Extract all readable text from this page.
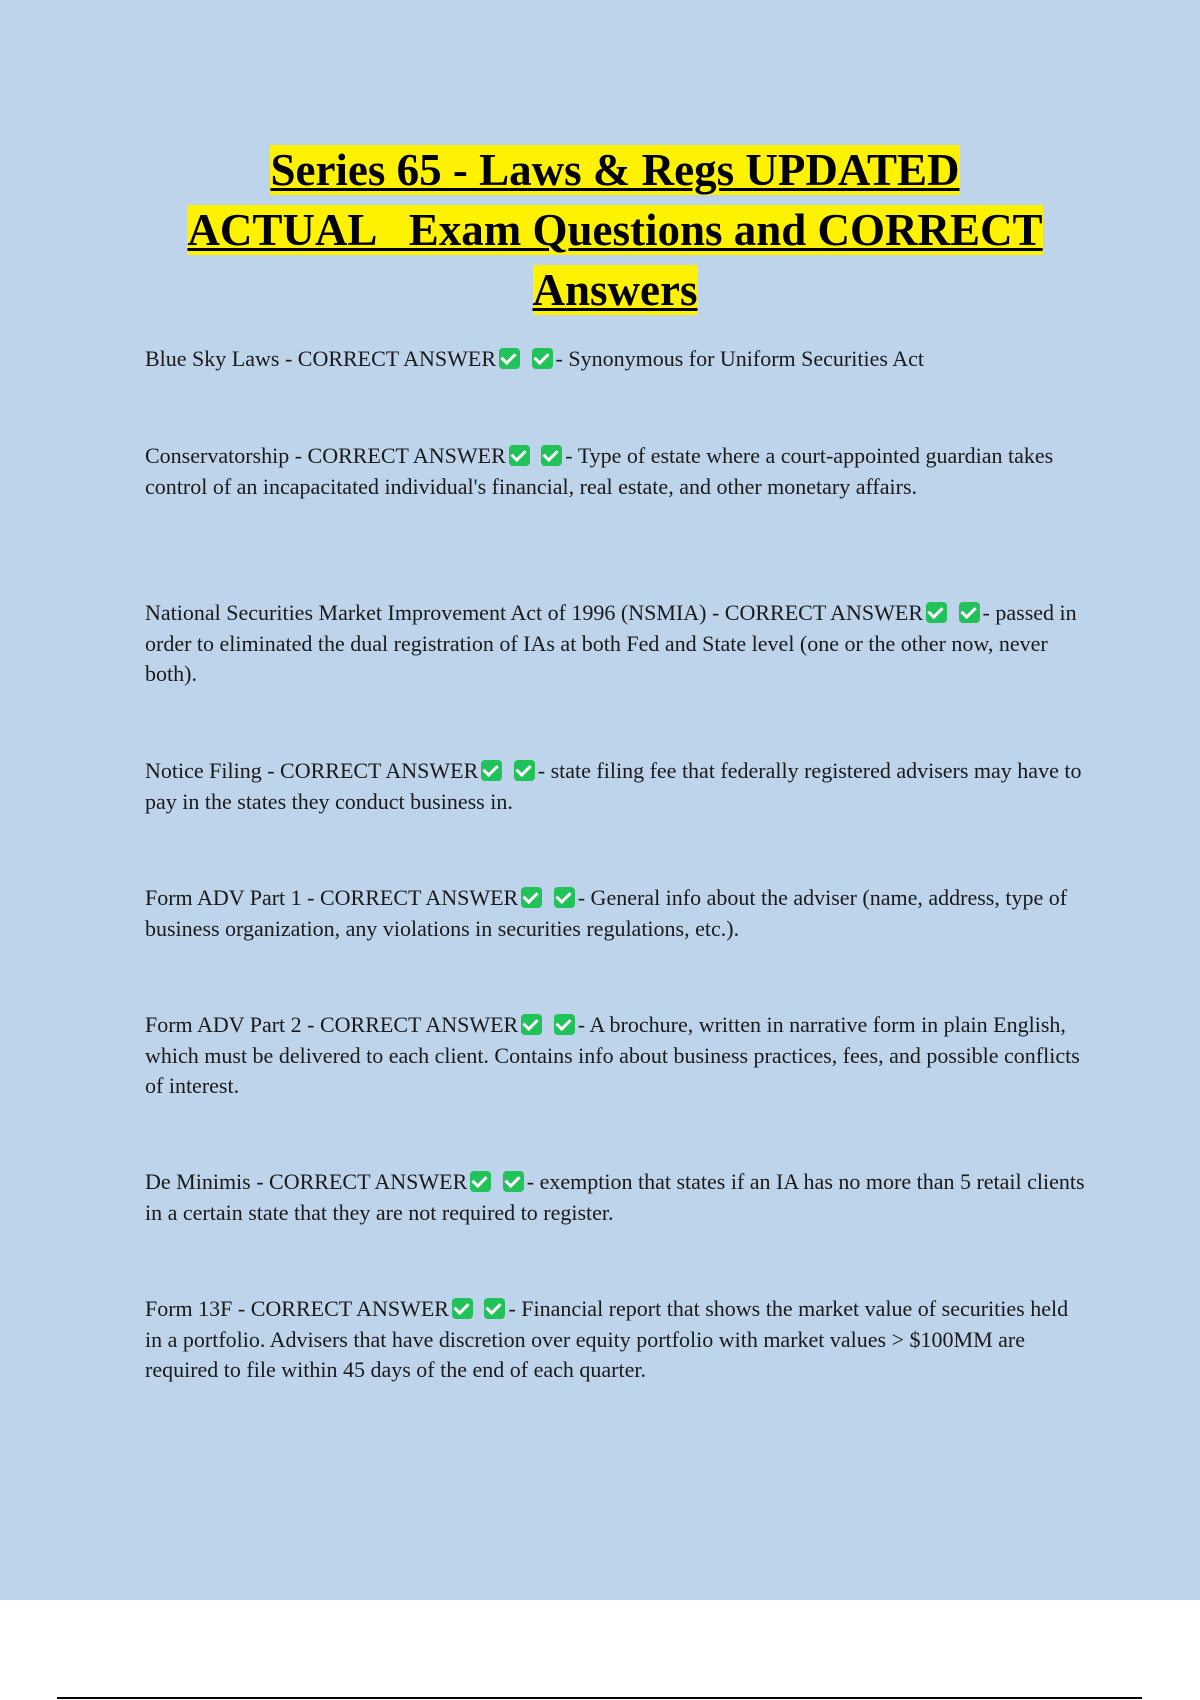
Series 65 - Laws & Regs UPDATED
ACTUAL   Exam Questions and CORRECT
Answers
Blue Sky Laws - CORRECT ANSWER	- Synonymous for Uniform Securities Act
Conservatorship - CORRECT ANSWER	- Type of estate where a court-appointed guardian takes control of an incapacitated individual's financial, real estate, and other monetary affairs.
National Securities Market Improvement Act of 1996 (NSMIA) - CORRECT ANSWER	- passed in order to eliminated the dual registration of IAs at both Fed and State level (one or the other now, never both).
Notice Filing - CORRECT ANSWER	- state filing fee that federally registered advisers may have to pay in the states they conduct business in.
Form ADV Part 1 - CORRECT ANSWER	- General info about the adviser (name, address, type of business organization, any violations in securities regulations, etc.).
Form ADV Part 2 - CORRECT ANSWER	- A brochure, written in narrative form in plain English, which must be delivered to each client. Contains info about business practices, fees, and possible conflicts of interest.
De Minimis - CORRECT ANSWER	- exemption that states if an IA has no more than 5 retail clients in a certain state that they are not required to register.
Form 13F - CORRECT ANSWER	- Financial report that shows the market value of securities held in a portfolio. Advisers that have discretion over equity portfolio with market values > $100MM are required to file within 45 days of the end of each quarter.
